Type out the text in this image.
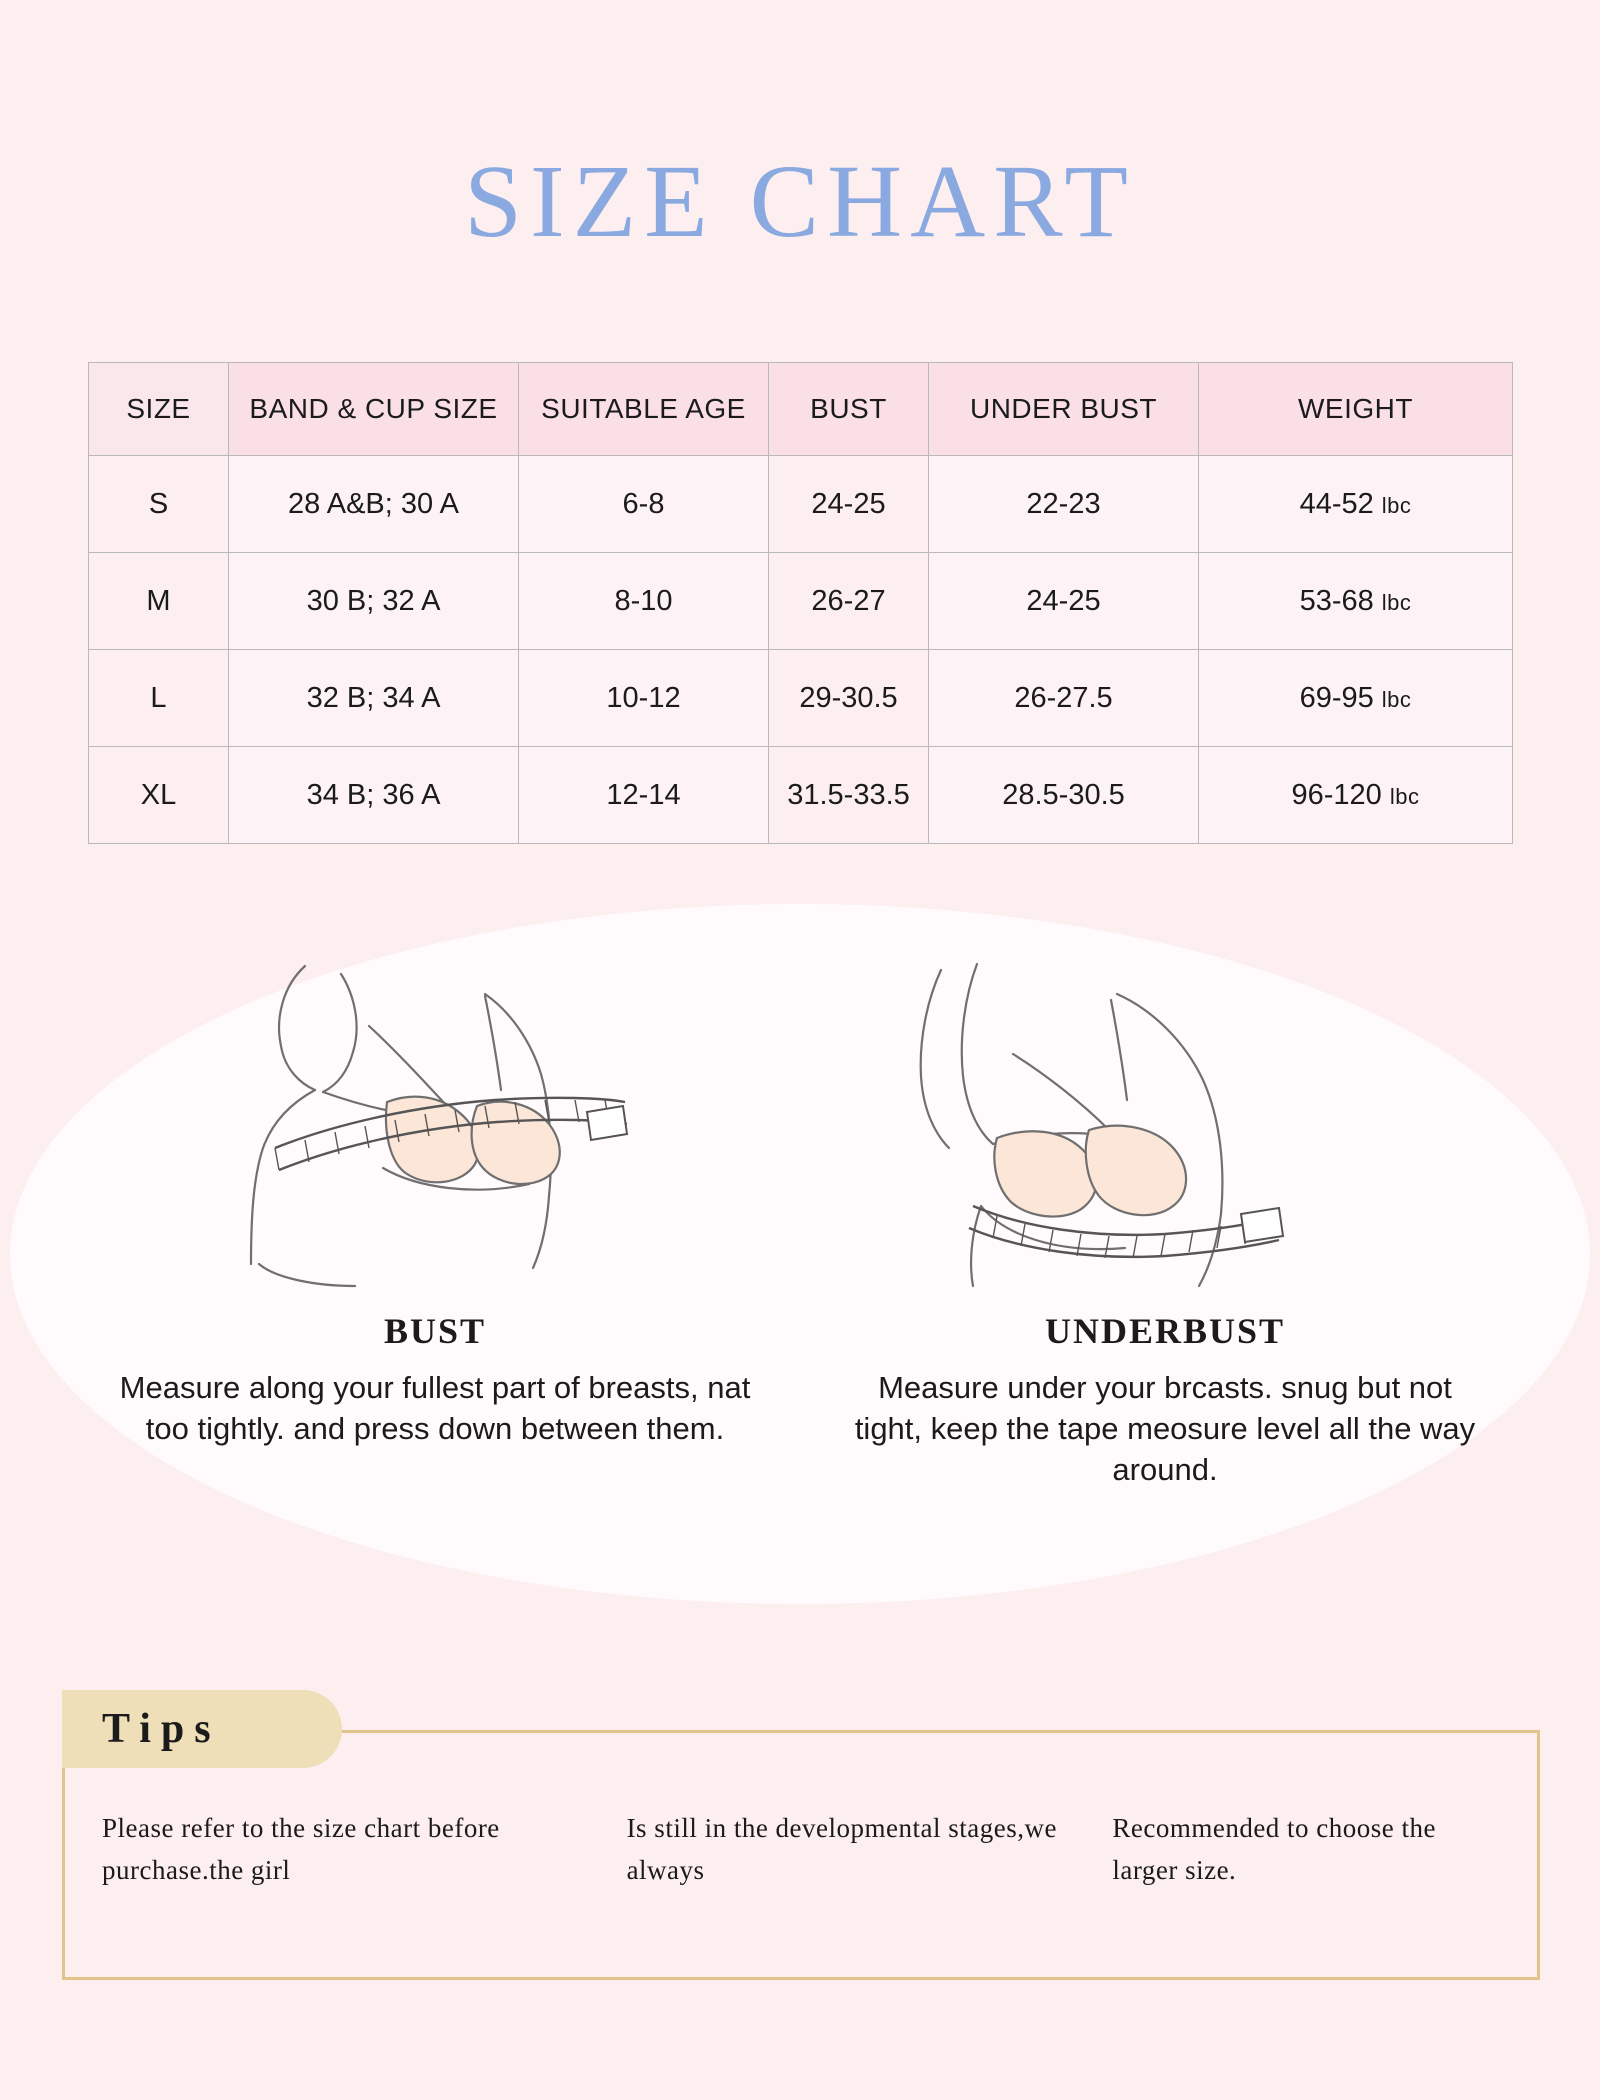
SIZE CHART
SIZE	BAND & CUP SIZE	SUITABLE AGE	BUST	UNDER BUST	WEIGHT
S	28 A&B; 30 A	6-8	24-25	22-23	44-52 lbc
M	30 B; 32 A	8-10	26-27	24-25	53-68 lbc
L	32 B; 34 A	10-12	29-30.5	26-27.5	69-95 lbc
XL	34 B; 36 A	12-14	31.5-33.5	28.5-30.5	96-120 lbc
BUST
Measure along your fullest part of breasts, nat too tightly. and press down between them.
UNDERBUST
Measure under your brcasts. snug but not tight, keep the tape meosure level all the way around.
Tips
Please refer to the size chart before purchase.the girl
Is still in the developmental stages,we always
Recommended to choose the larger size.
